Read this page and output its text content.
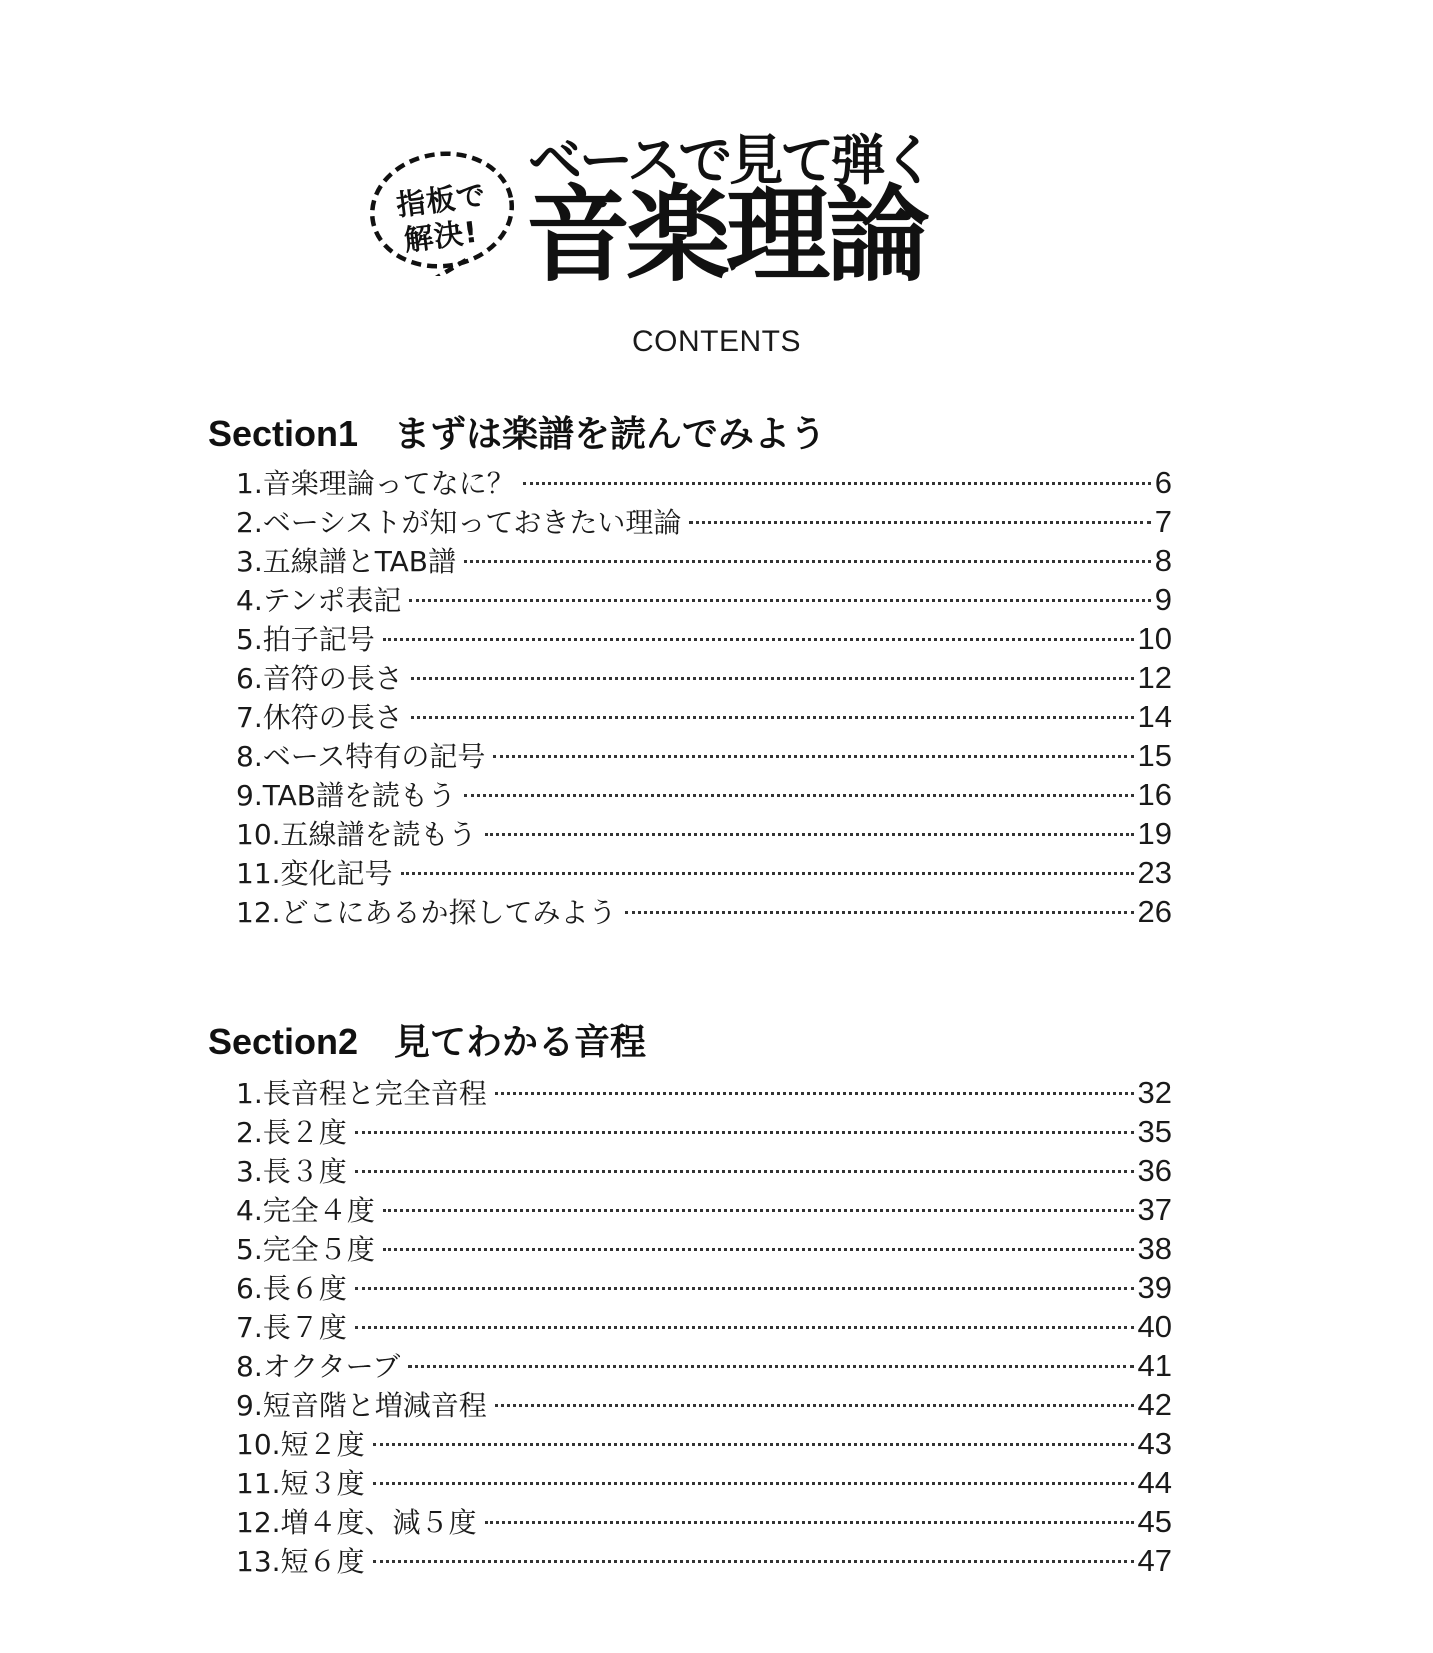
指板で
解決!
ベースで見て弾く
音楽理論
CONTENTS
Section1 まずは楽譜を読んでみよう
1.音楽理論ってなに？	6
2.ベーシストが知っておきたい理論	7
3.五線譜とTAB譜	8
4.テンポ表記	9
5.拍子記号	10
6.音符の長さ	12
7.休符の長さ	14
8.ベース特有の記号	15
9.TAB譜を読もう	16
10.五線譜を読もう	19
11.変化記号	23
12.どこにあるか探してみよう	26
Section2 見てわかる音程
1.長音程と完全音程	32
2.長２度	35
3.長３度	36
4.完全４度	37
5.完全５度	38
6.長６度	39
7.長７度	40
8.オクターブ	41
9.短音階と増減音程	42
10.短２度	43
11.短３度	44
12.増４度、減５度	45
13.短６度	47
